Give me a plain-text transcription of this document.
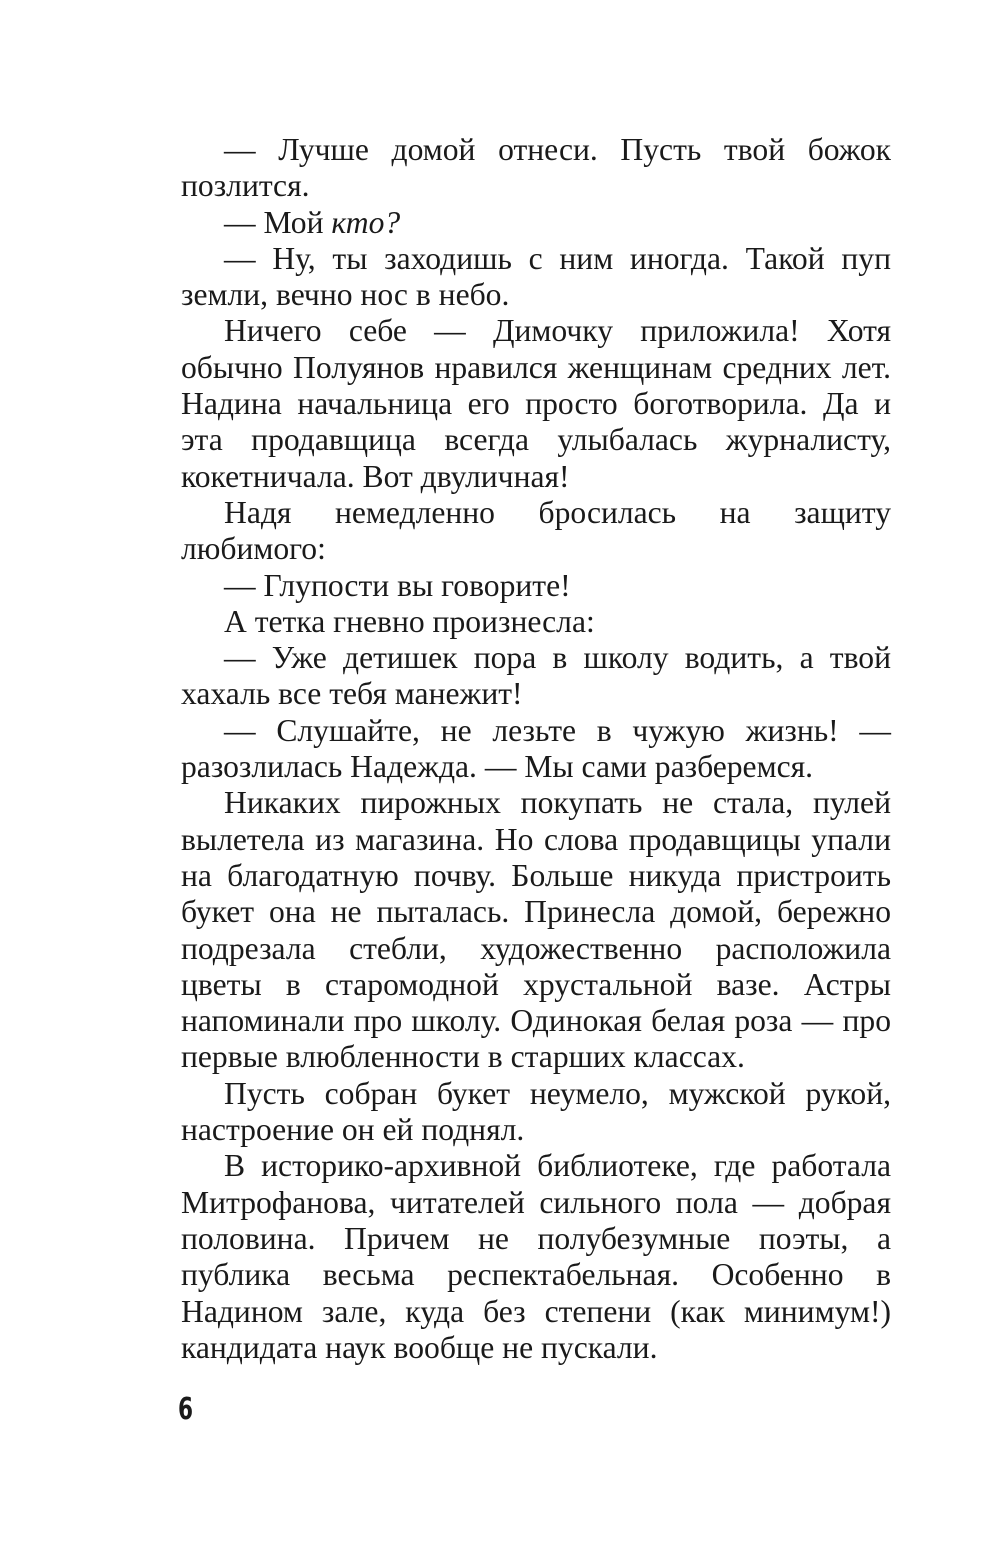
— Лучше домой отнеси. Пусть твой божок позлится.

— Мой кто?

— Ну, ты заходишь с ним иногда. Такой пуп земли, вечно нос в небо.

Ничего себе — Димочку приложила! Хотя обычно Полуянов нравился женщинам средних лет. Надина начальница его просто боготворила. Да и эта продавщица всегда улыбалась журналисту, кокетничала. Вот двуличная!

Надя немедленно бросилась на защиту любимого:

— Глупости вы говорите!

А тетка гневно произнесла:

— Уже детишек пора в школу водить, а твой хахаль все тебя манежит!

— Слушайте, не лезьте в чужую жизнь! — разозлилась Надежда. — Мы сами разберемся.

Никаких пирожных покупать не стала, пулей вылетела из магазина. Но слова продавщицы упали на благодатную почву. Больше никуда пристроить букет она не пыталась. Принесла домой, бережно подрезала стебли, художественно расположила цветы в старомодной хрустальной вазе. Астры напоминали про школу. Одинокая белая роза — про первые влюбленности в старших классах.

Пусть собран букет неумело, мужской рукой, настроение он ей поднял.

В историко-архивной библиотеке, где работала Митрофанова, читателей сильного пола — добрая половина. Причем не полубезумные поэты, а публика весьма респектабельная. Особенно в Надином зале, куда без степени (как минимум!) кандидата наук вообще не пускали.

6
